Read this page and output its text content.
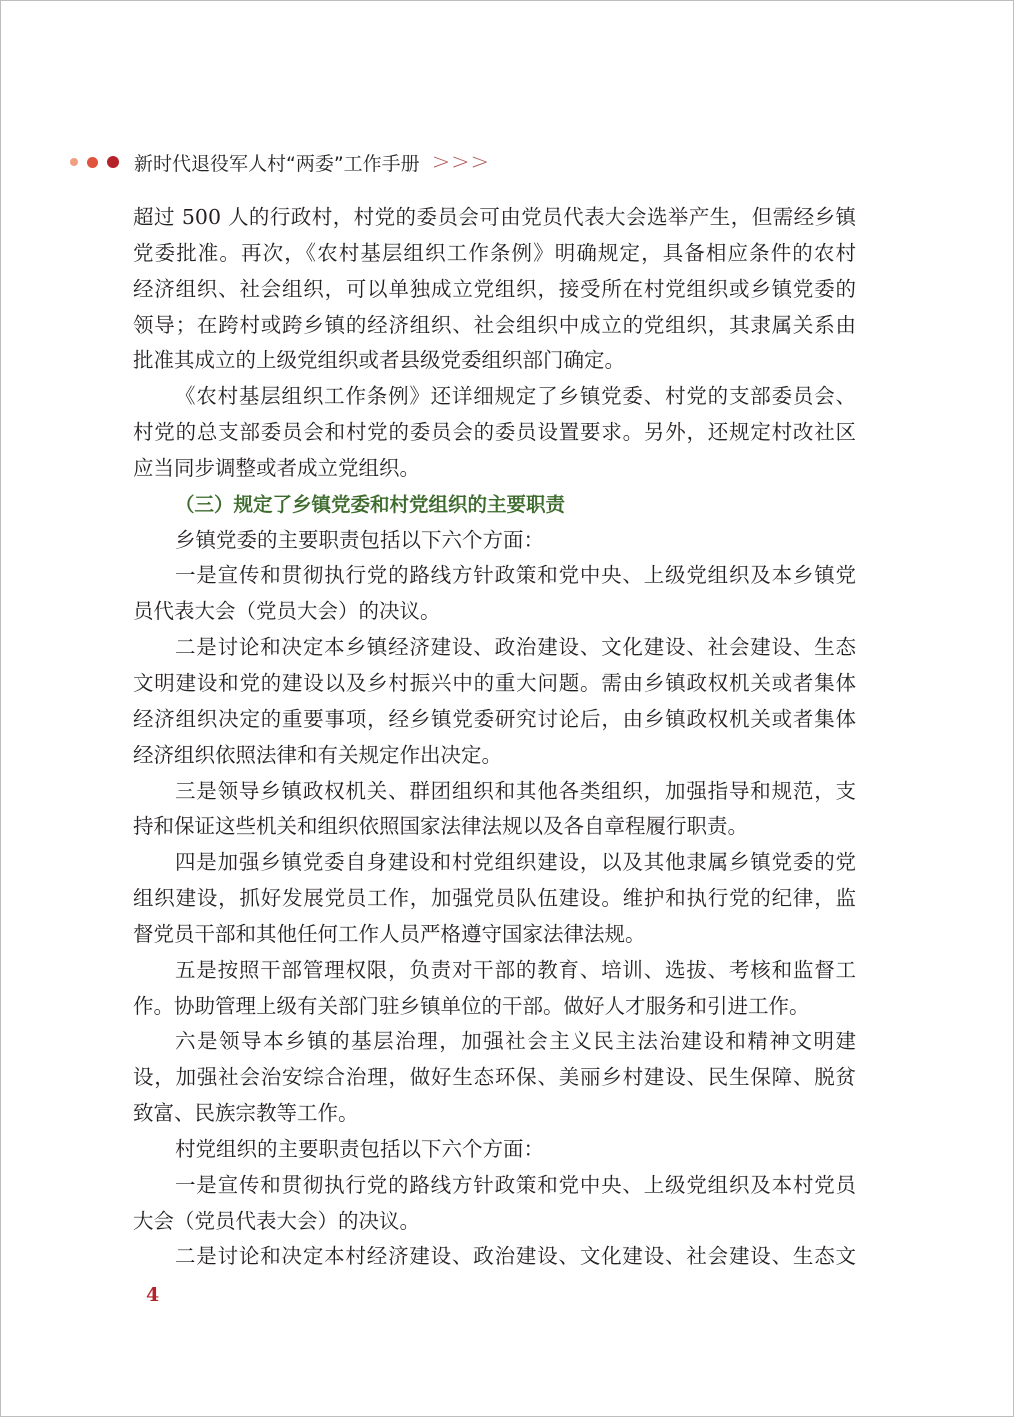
新时代退役军人村“两委”工作手册 >>>
超过 500 人的行政村，村党的委员会可由党员代表大会选举产生，但需经乡镇
党委批准。再次，《农村基层组织工作条例》明确规定，具备相应条件的农村
经济组织、社会组织，可以单独成立党组织，接受所在村党组织或乡镇党委的
领导；在跨村或跨乡镇的经济组织、社会组织中成立的党组织，其隶属关系由
批准其成立的上级党组织或者县级党委组织部门确定。
《农村基层组织工作条例》还详细规定了乡镇党委、村党的支部委员会、
村党的总支部委员会和村党的委员会的委员设置要求。另外，还规定村改社区
应当同步调整或者成立党组织。
（三）规定了乡镇党委和村党组织的主要职责
乡镇党委的主要职责包括以下六个方面：
一是宣传和贯彻执行党的路线方针政策和党中央、上级党组织及本乡镇党
员代表大会（党员大会）的决议。
二是讨论和决定本乡镇经济建设、政治建设、文化建设、社会建设、生态
文明建设和党的建设以及乡村振兴中的重大问题。需由乡镇政权机关或者集体
经济组织决定的重要事项，经乡镇党委研究讨论后，由乡镇政权机关或者集体
经济组织依照法律和有关规定作出决定。
三是领导乡镇政权机关、群团组织和其他各类组织，加强指导和规范，支
持和保证这些机关和组织依照国家法律法规以及各自章程履行职责。
四是加强乡镇党委自身建设和村党组织建设，以及其他隶属乡镇党委的党
组织建设，抓好发展党员工作，加强党员队伍建设。维护和执行党的纪律，监
督党员干部和其他任何工作人员严格遵守国家法律法规。
五是按照干部管理权限，负责对干部的教育、培训、选拔、考核和监督工
作。协助管理上级有关部门驻乡镇单位的干部。做好人才服务和引进工作。
六是领导本乡镇的基层治理，加强社会主义民主法治建设和精神文明建
设，加强社会治安综合治理，做好生态环保、美丽乡村建设、民生保障、脱贫
致富、民族宗教等工作。
村党组织的主要职责包括以下六个方面：
一是宣传和贯彻执行党的路线方针政策和党中央、上级党组织及本村党员
大会（党员代表大会）的决议。
二是讨论和决定本村经济建设、政治建设、文化建设、社会建设、生态文
4
